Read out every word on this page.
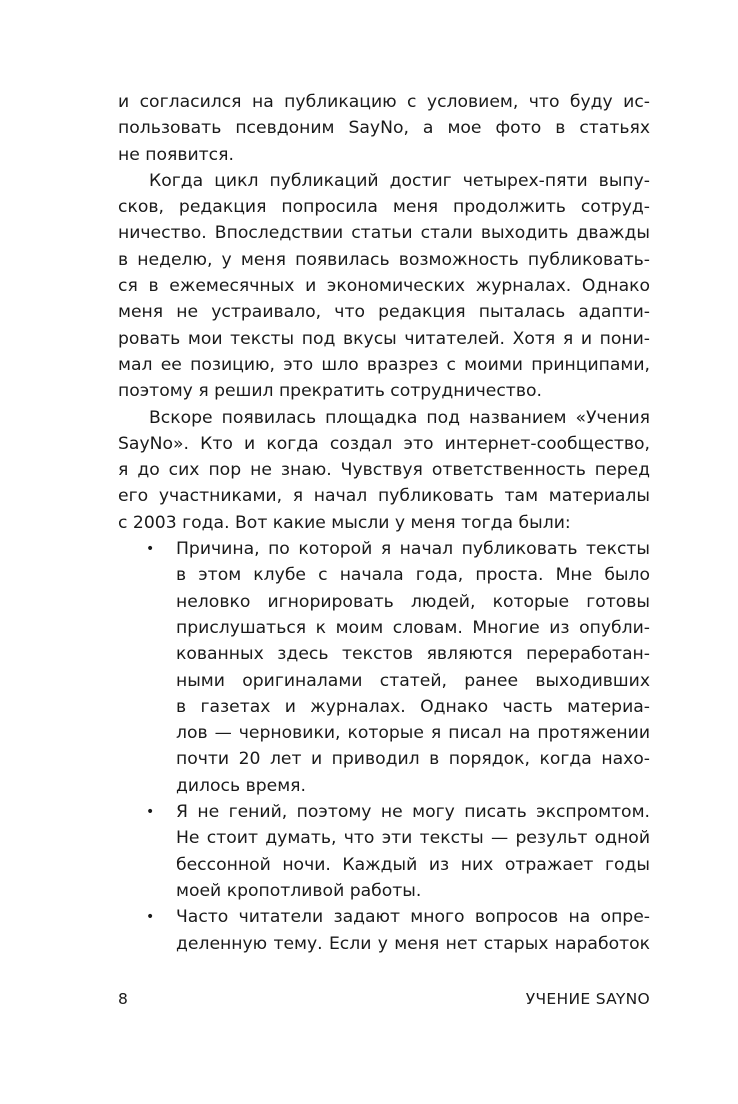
и согласился на публикацию с условием, что буду ис-
пользовать псевдоним SayNo, а мое фото в статьях
не появится.

Когда цикл публикаций достиг четырех-пяти выпу-
сков, редакция попросила меня продолжить сотруд-
ничество. Впоследствии статьи стали выходить дважды
в неделю, у меня появилась возможность публиковать-
ся в ежемесячных и экономических журналах. Однако
меня не устраивало, что редакция пыталась адапти-
ровать мои тексты под вкусы читателей. Хотя я и пони-
мал ее позицию, это шло вразрез с моими принципами,
поэтому я решил прекратить сотрудничество.

Вскоре появилась площадка под названием «Учения
SayNo». Кто и когда создал это интернет-сообщество,
я до сих пор не знаю. Чувствуя ответственность перед
его участниками, я начал публиковать там материалы
с 2003 года. Вот какие мысли у меня тогда были:

• Причина, по которой я начал публиковать тексты
в этом клубе с начала года, проста. Мне было
неловко игнорировать людей, которые готовы
прислушаться к моим словам. Многие из опубли-
кованных здесь текстов являются переработан-
ными оригиналами статей, ранее выходивших
в газетах и журналах. Однако часть материа-
лов — черновики, которые я писал на протяжении
почти 20 лет и приводил в порядок, когда нахо-
дилось время.
• Я не гений, поэтому не могу писать экспромтом.
Не стоит думать, что эти тексты — результ одной
бессонной ночи. Каждый из них отражает годы
моей кропотливой работы.
• Часто читатели задают много вопросов на опре-
деленную тему. Если у меня нет старых наработок
8	УЧЕНИЕ SAYNO
